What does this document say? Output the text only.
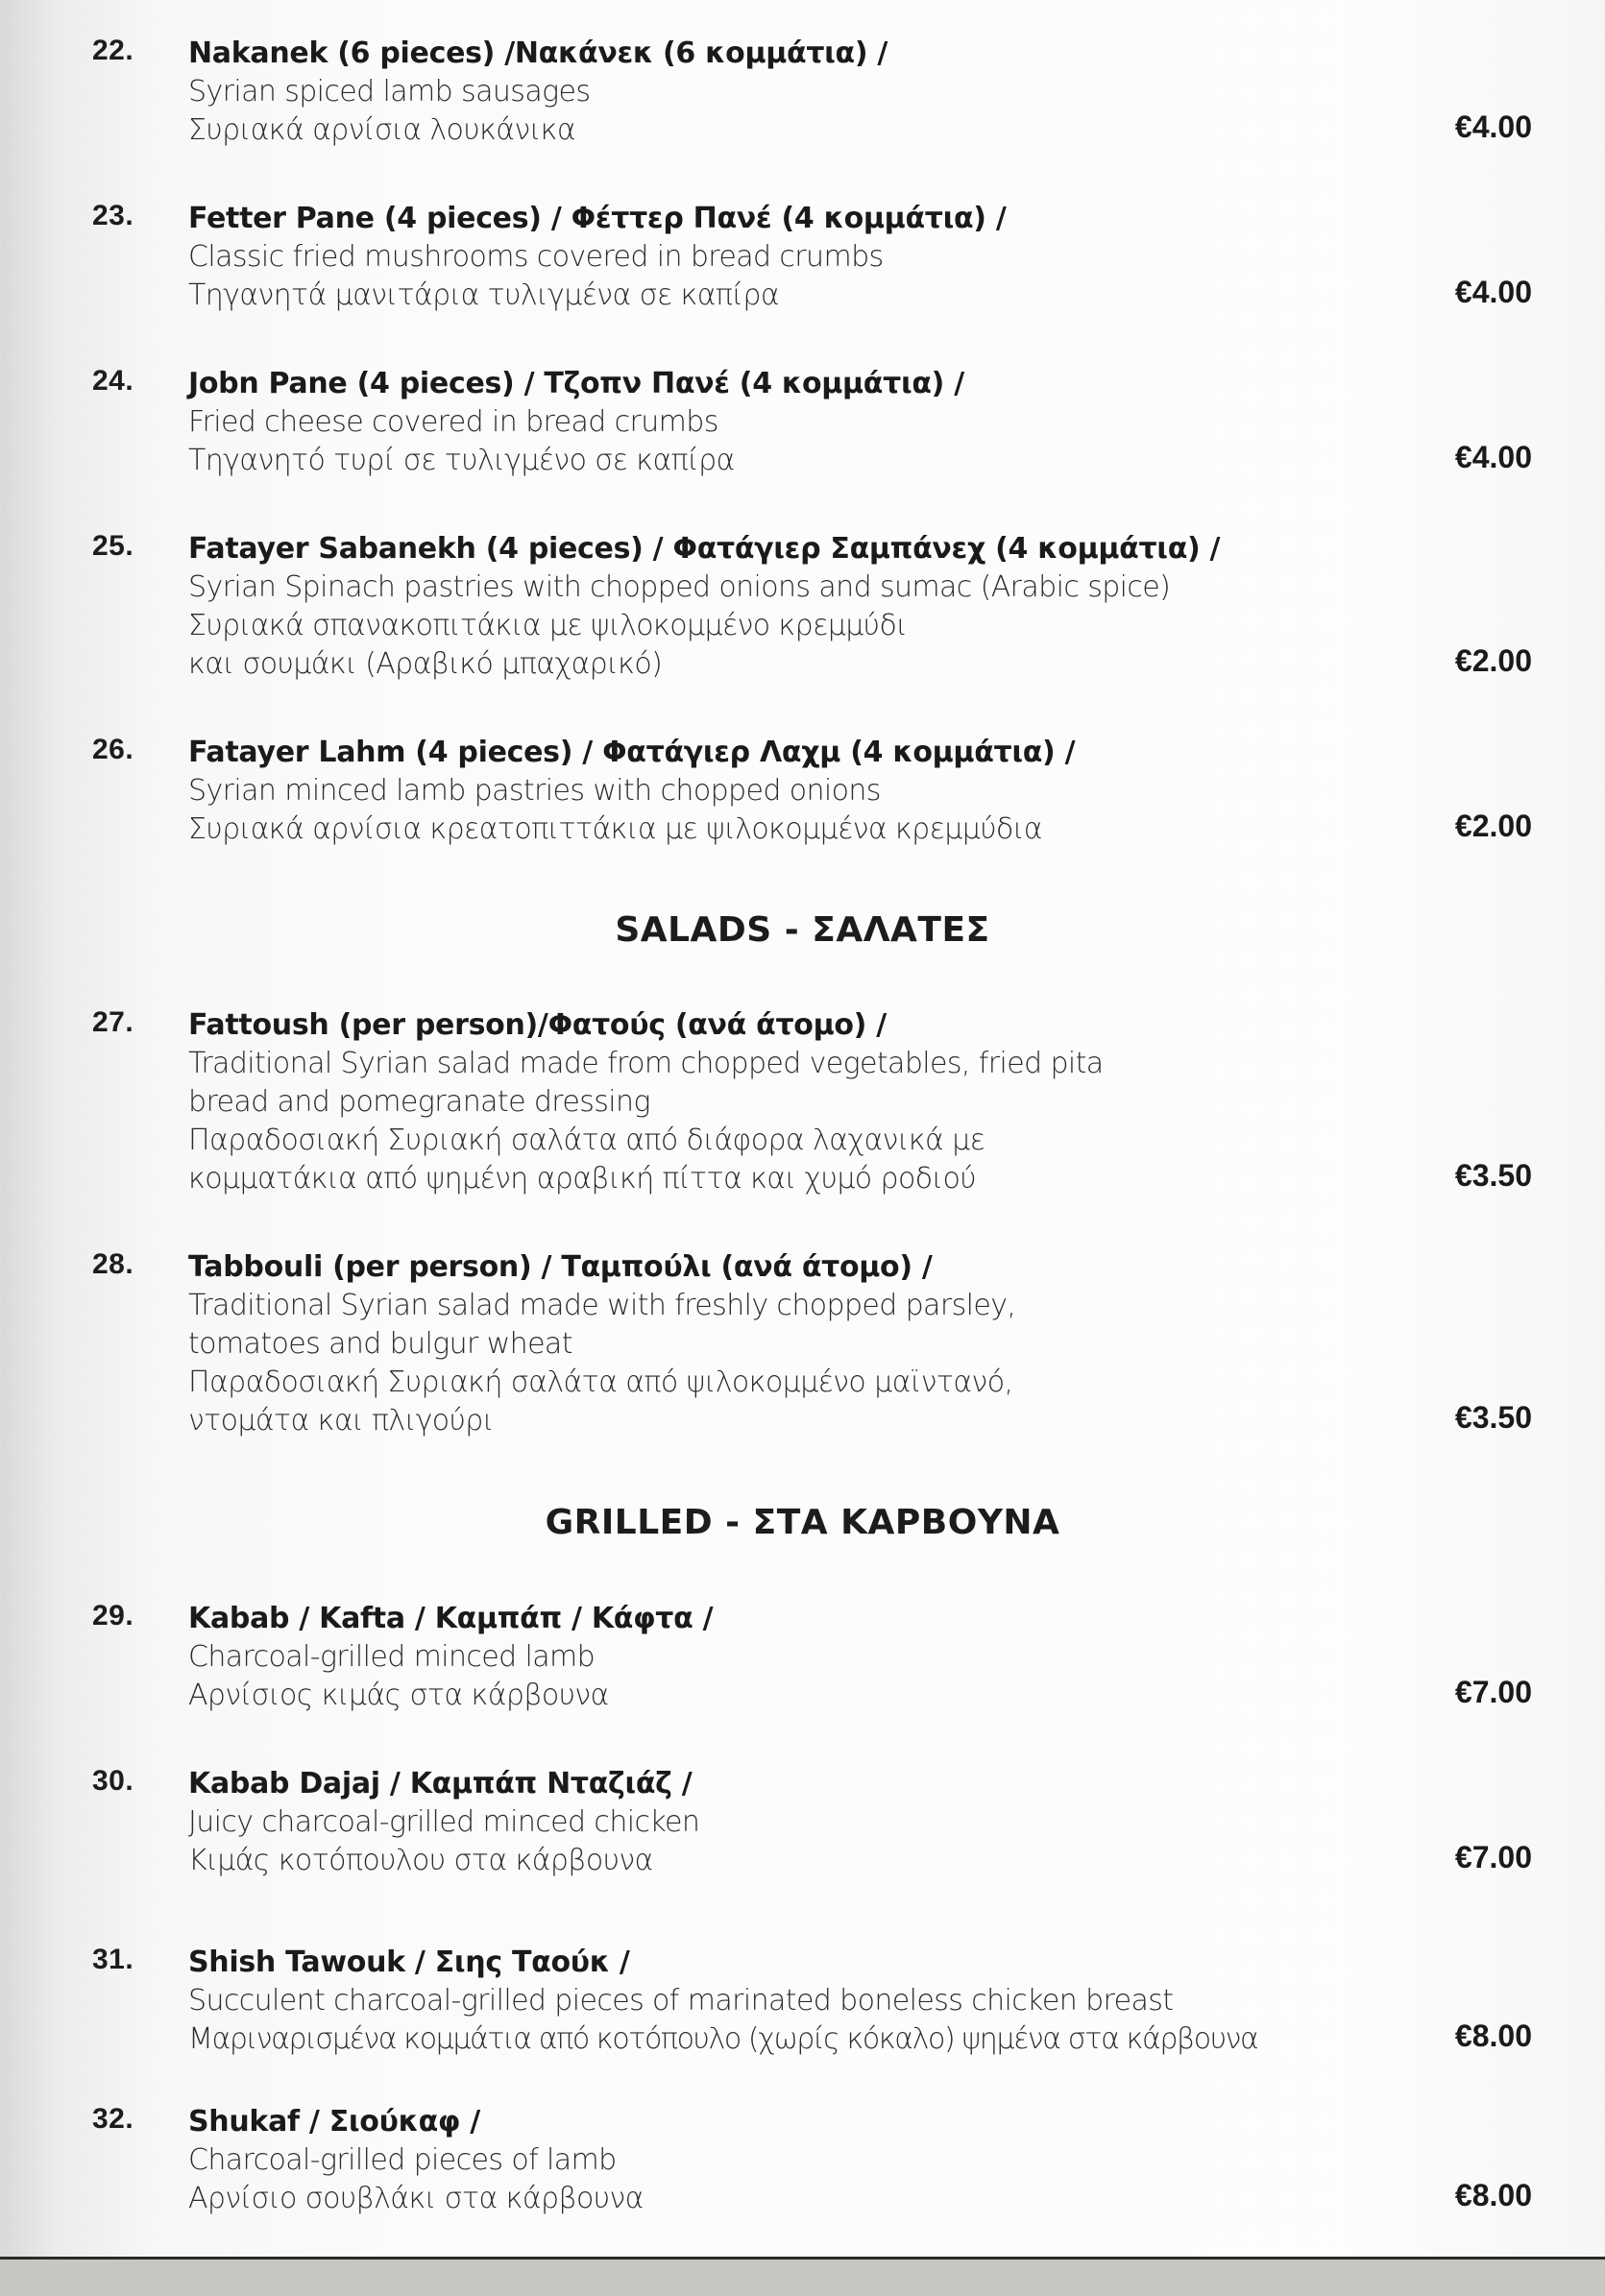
22. Nakanek (6 pieces) /Νακάνεκ (6 κομμάτια) /
Syrian spiced lamb sausages
Συριακά αρνίσια λουκάνικα	€4.00
23. Fetter Pane (4 pieces) / Φέττερ Πανέ (4 κομμάτια) /
Classic fried mushrooms covered in bread crumbs
Τηγανητά μανιτάρια τυλιγμένα σε καπίρα	€4.00
24. Jobn Pane (4 pieces) / Τζοπν Πανέ (4 κομμάτια) /
Fried cheese covered in bread crumbs
Τηγανητό τυρί σε τυλιγμένο σε καπίρα	€4.00
25. Fatayer Sabanekh (4 pieces) / Φατάγιερ Σαμπάνεχ (4 κομμάτια) /
Syrian Spinach pastries with chopped onions and sumac (Arabic spice)
Συριακά σπανακοπιτάκια με ψιλοκομμένο κρεμμύδι
και σουμάκι (Αραβικό μπαχαρικό)	€2.00
26. Fatayer Lahm (4 pieces) / Φατάγιερ Λαχμ (4 κομμάτια) /
Syrian minced lamb pastries with chopped onions
Συριακά αρνίσια κρεατοπιττάκια με ψιλοκομμένα κρεμμύδια	€2.00
SALADS - ΣΑΛΑΤΕΣ
27. Fattoush (per person)/Φατούς (ανά άτομο) /
Traditional Syrian salad made from chopped vegetables, fried pita
bread and pomegranate dressing
Παραδοσιακή Συριακή σαλάτα από διάφορα λαχανικά με
κομματάκια από ψημένη αραβική πίττα και χυμό ροδιού	€3.50
28. Tabbouli (per person) / Ταμπούλι (ανά άτομο) /
Traditional Syrian salad made with freshly chopped parsley,
tomatoes and bulgur wheat
Παραδοσιακή Συριακή σαλάτα από ψιλοκομμένο μαϊντανό,
ντομάτα και πλιγούρι	€3.50
GRILLED - ΣΤΑ ΚΑΡΒΟΥΝΑ
29. Kabab / Kafta / Καμπάπ / Κάφτα /
Charcoal-grilled minced lamb
Αρνίσιος κιμάς στα κάρβουνα	€7.00
30. Kabab Dajaj / Καμπάπ Νταζιάζ /
Juicy charcoal-grilled minced chicken
Κιμάς κοτόπουλου στα κάρβουνα	€7.00
31. Shish Tawouk / Σιης Ταούκ /
Succulent charcoal-grilled pieces of marinated boneless chicken breast
Μαριναρισμένα κομμάτια από κοτόπουλο (χωρίς κόκαλο) ψημένα στα κάρβουνα	€8.00
32. Shukaf / Σιούκαφ /
Charcoal-grilled pieces of lamb
Αρνίσιο σουβλάκι στα κάρβουνα	€8.00
